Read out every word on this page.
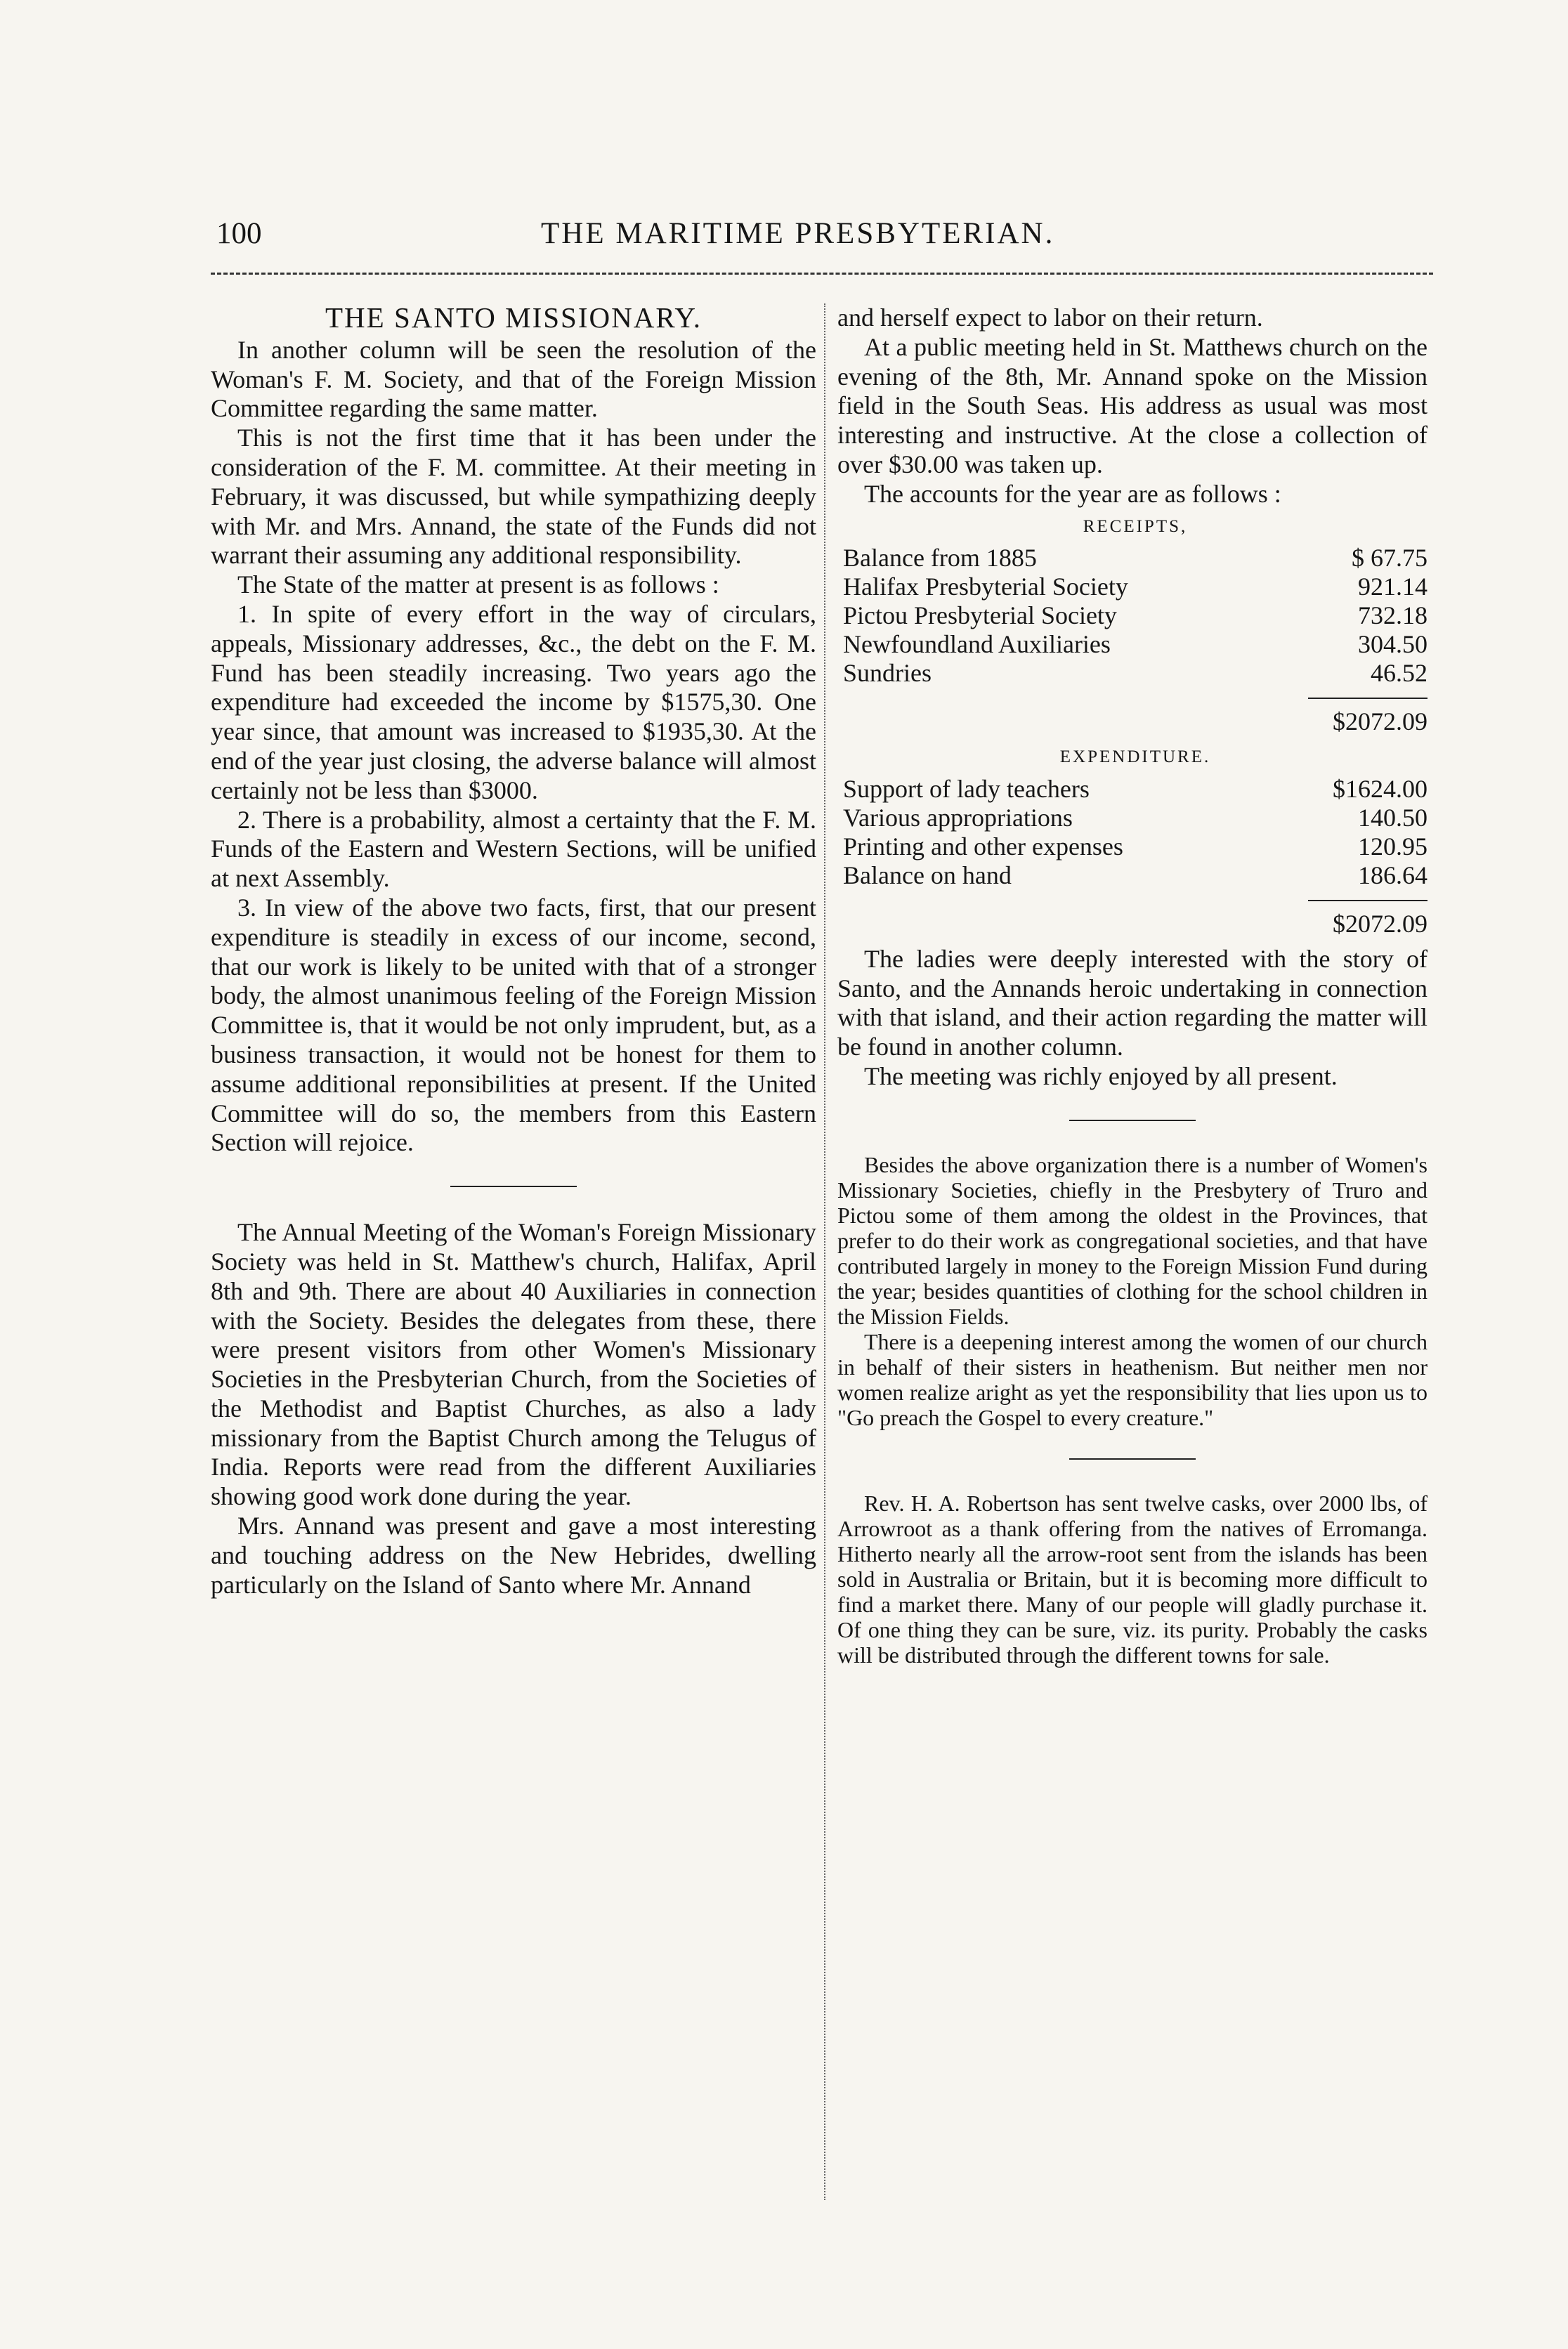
100	THE MARITIME PRESBYTERIAN.

THE SANTO MISSIONARY.

In another column will be seen the resolution of the Woman's F. M. Society, and that of the Foreign Mission Committee regarding the same matter.

This is not the first time that it has been under the consideration of the F. M. committee. At their meeting in February, it was discussed, but while sympathizing deeply with Mr. and Mrs. Annand, the state of the Funds did not warrant their assuming any additional responsibility.

The State of the matter at present is as follows :

1. In spite of every effort in the way of circulars, appeals, Missionary addresses, &c., the debt on the F. M. Fund has been steadily increasing. Two years ago the expenditure had exceeded the income by $1575,30. One year since, that amount was increased to $1935,30. At the end of the year just closing, the adverse balance will almost certainly not be less than $3000.

2. There is a probability, almost a certainty that the F. M. Funds of the Eastern and Western Sections, will be unified at next Assembly.

3. In view of the above two facts, first, that our present expenditure is steadily in excess of our income, second, that our work is likely to be united with that of a stronger body, the almost unanimous feeling of the Foreign Mission Committee is, that it would be not only imprudent, but, as a business transaction, it would not be honest for them to assume additional reponsibilities at present. If the United Committee will do so, the members from this Eastern Section will rejoice.

The Annual Meeting of the Woman's Foreign Missionary Society was held in St. Matthew's church, Halifax, April 8th and 9th. There are about 40 Auxiliaries in connection with the Society. Besides the delegates from these, there were present visitors from other Women's Missionary Societies in the Presbyterian Church, from the Societies of the Methodist and Baptist Churches, as also a lady missionary from the Baptist Church among the Telugus of India. Reports were read from the different Auxiliaries showing good work done during the year.

Mrs. Annand was present and gave a most interesting and touching address on the New Hebrides, dwelling particularly on the Island of Santo where Mr. Annand

and herself expect to labor on their return.

At a public meeting held in St. Matthews church on the evening of the 8th, Mr. Annand spoke on the Mission field in the South Seas. His address as usual was most interesting and instructive. At the close a collection of over $30.00 was taken up.

The accounts for the year are as follows :

RECEIPTS,

Balance from 1885	$ 67.75
Halifax Presbyterial Society	921.14
Pictou Presbyterial Society	732.18
Newfoundland Auxiliaries	304.50
Sundries	46.52

$2072.09

EXPENDITURE.

Support of lady teachers	$1624.00
Various appropriations	140.50
Printing and other expenses	120.95
Balance on hand	186.64

$2072.09

The ladies were deeply interested with the story of Santo, and the Annands heroic undertaking in connection with that island, and their action regarding the matter will be found in another column.

The meeting was richly enjoyed by all present.

Besides the above organization there is a number of Women's Missionary Societies, chiefly in the Presbytery of Truro and Pictou some of them among the oldest in the Provinces, that prefer to do their work as congregational societies, and that have contributed largely in money to the Foreign Mission Fund during the year; besides quantities of clothing for the school children in the Mission Fields.

There is a deepening interest among the women of our church in behalf of their sisters in heathenism. But neither men nor women realize aright as yet the responsibility that lies upon us to "Go preach the Gospel to every creature."

Rev. H. A. Robertson has sent twelve casks, over 2000 lbs, of Arrowroot as a thank offering from the natives of Erromanga. Hitherto nearly all the arrow-root sent from the islands has been sold in Australia or Britain, but it is becoming more difficult to find a market there. Many of our people will gladly purchase it. Of one thing they can be sure, viz. its purity. Probably the casks will be distributed through the different towns for sale.
